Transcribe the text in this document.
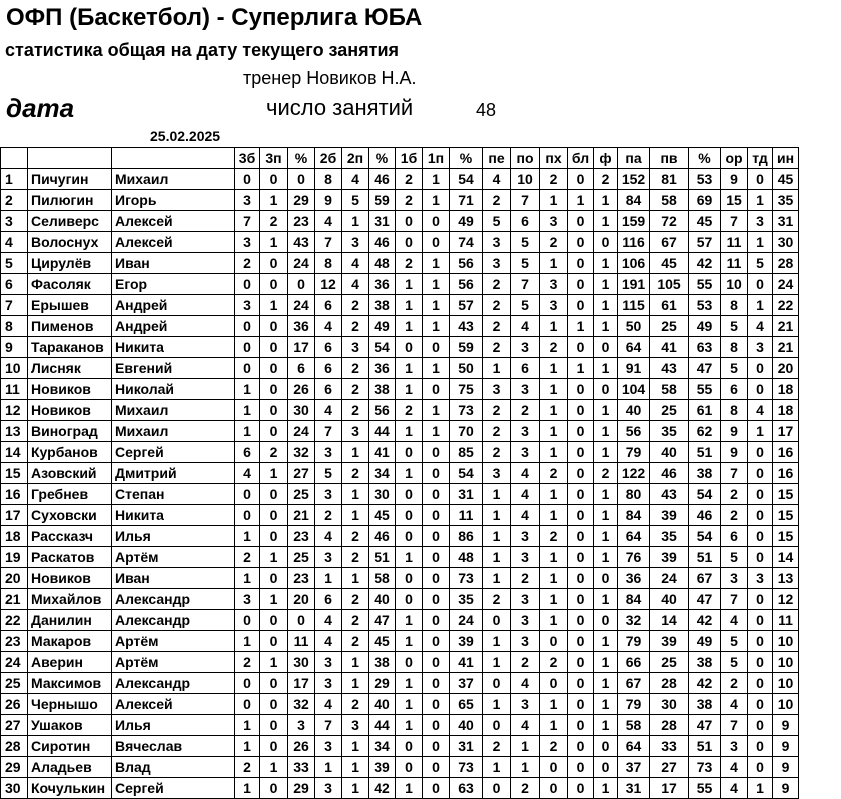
ОФП (Баскетбол) - Суперлига ЮБА
статистика общая на дату текущего занятия
тренер Новиков Н.А.
дата	число занятий	48
25.02.2025
			3б	3п	%	2б	2п	%	1б	1п	%	пе	по	пх	бл	ф	па	пв	%	ор	тд	ин
1	Пичугин	Михаил	0	0	0	8	4	46	2	1	54	4	10	2	0	2	152	81	53	9	0	45
2	Пилюгин	Игорь	3	1	29	9	5	59	2	1	71	2	7	1	1	1	84	58	69	15	1	35
3	Селиверс	Алексей	7	2	23	4	1	31	0	0	49	5	6	3	0	1	159	72	45	7	3	31
4	Волоснух	Алексей	3	1	43	7	3	46	0	0	74	3	5	2	0	0	116	67	57	11	1	30
5	Цирулёв	Иван	2	0	24	8	4	48	2	1	56	3	5	1	0	1	106	45	42	11	5	28
6	Фасоляк	Егор	0	0	0	12	4	36	1	1	56	2	7	3	0	1	191	105	55	10	0	24
7	Ерышев	Андрей	3	1	24	6	2	38	1	1	57	2	5	3	0	1	115	61	53	8	1	22
8	Пименов	Андрей	0	0	36	4	2	49	1	1	43	2	4	1	1	1	50	25	49	5	4	21
9	Тараканов	Никита	0	0	17	6	3	54	0	0	59	2	3	2	0	0	64	41	63	8	3	21
10	Лисняк	Евгений	0	0	6	6	2	36	1	1	50	1	6	1	1	1	91	43	47	5	0	20
11	Новиков	Николай	1	0	26	6	2	38	1	0	75	3	3	1	0	0	104	58	55	6	0	18
12	Новиков	Михаил	1	0	30	4	2	56	2	1	73	2	2	1	0	1	40	25	61	8	4	18
13	Виноград	Михаил	1	0	24	7	3	44	1	1	70	2	3	1	0	1	56	35	62	9	1	17
14	Курбанов	Сергей	6	2	32	3	1	41	0	0	85	2	3	1	0	1	79	40	51	9	0	16
15	Азовский	Дмитрий	4	1	27	5	2	34	1	0	54	3	4	2	0	2	122	46	38	7	0	16
16	Гребнев	Степан	0	0	25	3	1	30	0	0	31	1	4	1	0	1	80	43	54	2	0	15
17	Суховски	Никита	0	0	21	2	1	45	0	0	11	1	4	1	0	1	84	39	46	2	0	15
18	Рассказч	Илья	1	0	23	4	2	46	0	0	86	1	3	2	0	1	64	35	54	6	0	15
19	Раскатов	Артём	2	1	25	3	2	51	1	0	48	1	3	1	0	1	76	39	51	5	0	14
20	Новиков	Иван	1	0	23	1	1	58	0	0	73	1	2	1	0	0	36	24	67	3	3	13
21	Михайлов	Александр	3	1	20	6	2	40	0	0	35	2	3	1	0	1	84	40	47	7	0	12
22	Данилин	Александр	0	0	0	4	2	47	1	0	24	0	3	1	0	0	32	14	42	4	0	11
23	Макаров	Артём	1	0	11	4	2	45	1	0	39	1	3	0	0	1	79	39	49	5	0	10
24	Аверин	Артём	2	1	30	3	1	38	0	0	41	1	2	2	0	1	66	25	38	5	0	10
25	Максимов	Александр	0	0	17	3	1	29	1	0	37	0	4	0	0	1	67	28	42	2	0	10
26	Чернышо	Алексей	0	0	32	4	2	40	1	0	65	1	3	1	0	1	79	30	38	4	0	10
27	Ушаков	Илья	1	0	3	7	3	44	1	0	40	0	4	1	0	1	58	28	47	7	0	9
28	Сиротин	Вячеслав	1	0	26	3	1	34	0	0	31	2	1	2	0	0	64	33	51	3	0	9
29	Аладьев	Влад	2	1	33	1	1	39	0	0	73	1	1	0	0	0	37	27	73	4	0	9
30	Кочулькин	Сергей	1	0	29	3	1	42	1	0	63	0	2	0	0	1	31	17	55	4	1	9
